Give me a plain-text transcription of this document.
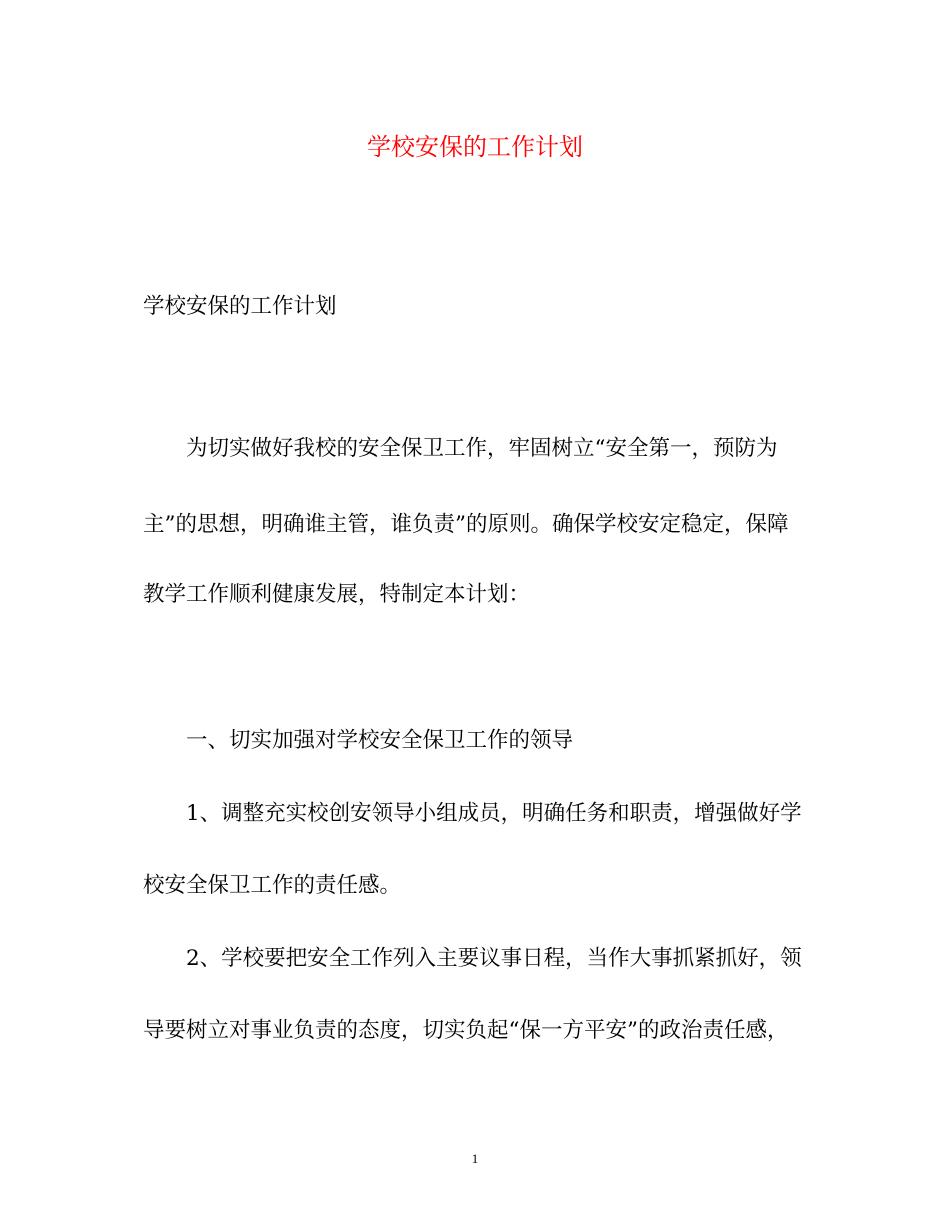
学校安保的工作计划
学校安保的工作计划
为切实做好我校的安全保卫工作，牢固树立“安全第一，预防为
主”的思想，明确谁主管，谁负责”的原则。确保学校安定稳定，保障
教学工作顺利健康发展，特制定本计划：
一、切实加强对学校安全保卫工作的领导
1、调整充实校创安领导小组成员，明确任务和职责，增强做好学
校安全保卫工作的责任感。
2、学校要把安全工作列入主要议事日程，当作大事抓紧抓好，领
导要树立对事业负责的态度，切实负起“保一方平安”的政治责任感，
1
